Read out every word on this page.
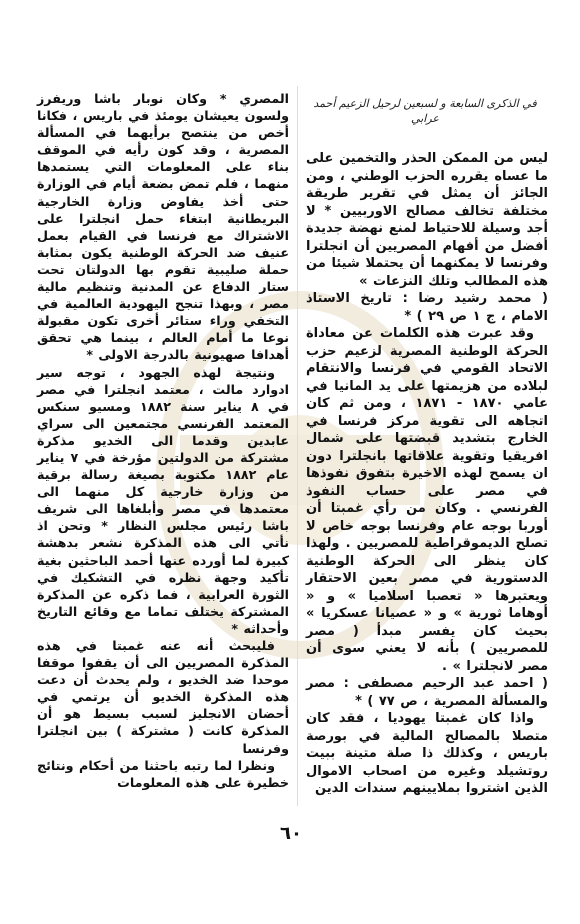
في الذكرى السابعة و لسبعين لرحيل الزعيم أحمد عرابي

ليس من الممكن الحذر والتخمين على ما عساه يقرره الحزب الوطني ، ومن الجائز أن يمثل في تقرير طريقة مختلفة تخالف مصالح الاوربيين * لا أجد وسيلة للاحتياط لمنع نهضة جديدة أفضل من أفهام المصريين أن انجلترا وفرنسا لا يمكنهما أن يحتملا شيئا من هذه المطالب وتلك النزعات »

( محمد رشيد رضا : تاريخ الاستاذ الامام ، ج ١ ص ٢٩ ) *

وقد عبرت هذه الكلمات عن معاداة الحركة الوطنية المصرية لزعيم حزب الاتحاد القومي في فرنسا والانتقام لبلاده من هزيمتها على يد المانيا في عامي ١٨٧٠ - ١٨٧١ ، ومن ثم كان اتجاهه الى تقوية مركز فرنسا في الخارج بتشديد قبضتها على شمال افريقيا وتقوية علاقاتها بانجلترا دون ان يسمح لهذه الاخيرة بتفوق نفوذها في مصر على حساب النفوذ الفرنسي . وكان من رأي غمبتا أن أوربا بوجه عام وفرنسا بوجه خاص لا تصلح الديموقراطية للمصريين . ولهذا كان ينظر الى الحركة الوطنية الدستورية في مصر بعين الاحتقار ويعتبرها « تعصبا اسلاميا » و « أوهاما ثورية » و « عصيانا عسكريا » بحيث كان يفسر مبدأ ( مصر للمصريين ) بأنه لا يعني سوى أن مصر لانجلترا » .

( احمد عبد الرحيم مصطفى : مصر والمسألة المصرية ، ص ٧٧ ) *

واذا كان غمبتا يهوديا ، فقد كان متصلا بالمصالح المالية في بورصة باريس ، وكذلك ذا صلة متينة ببيت روتشيلد وغيره من اصحاب الاموال الذين اشتروا بملايينهم سندات الدين

المصري * وكان نوبار باشا وريفرز ولسون يعيشان يومئذ في باريس ، فكانا أخص من ينتصح برأيهما في المسألة المصرية ، وقد كون رأيه في الموقف بناء على المعلومات التي يستمدها منهما ، فلم تمض بضعة أيام في الوزارة حتى أخذ يفاوض وزارة الخارجية البريطانية ابتغاء حمل انجلترا على الاشتراك مع فرنسا في القيام بعمل عنيف ضد الحركة الوطنية يكون بمثابة حملة صليبية تقوم بها الدولتان تحت ستار الدفاع عن المدنية وتنظيم مالية مصر ، وبهذا تنجح اليهودية العالمية في التخفي وراء ستائر أخرى تكون مقبولة نوعا ما أمام العالم ، بينما هي تحقق أهدافا صهيونية بالدرجة الاولى *

ونتيجة لهذه الجهود ، توجه سير ادوارد مالت ، معتمد انجلترا في مصر في ٨ يناير سنة ١٨٨٢ ومسيو سنكس المعتمد الفرنسي مجتمعين الى سراي عابدين وقدما الى الخديو مذكرة مشتركة من الدولتين مؤرخة في ٧ يناير عام ١٨٨٢ مكتوبة بصيغة رسالة برقية من وزارة خارجية كل منهما الى معتمدها في مصر وأبلغاها الى شريف باشا رئيس مجلس النظار * وتحن اذ نأتي الى هذه المذكرة نشعر بدهشة كبيرة لما أورده عنها أحمد الباحثين بغية تأكيد وجهة نظره في التشكيك في الثورة العرابية ، فما ذكره عن المذكرة المشتركة يختلف تماما مع وقائع التاريخ وأحداثه *

فليبحث أنه عنه غمبتا في هذه المذكرة المصريين الى أن يقفوا موقفا موحدا ضد الخديو ، ولم يحدث أن دعت هذه المذكرة الخديو أن يرتمي في أحضان الانجليز لسبب بسيط هو أن المذكرة كانت ( مشتركة ) بين انجلترا وفرنسا

ونظرا لما رتبه باحثنا من أحكام ونتائج خطيرة على هذه المعلومات

٦٠
